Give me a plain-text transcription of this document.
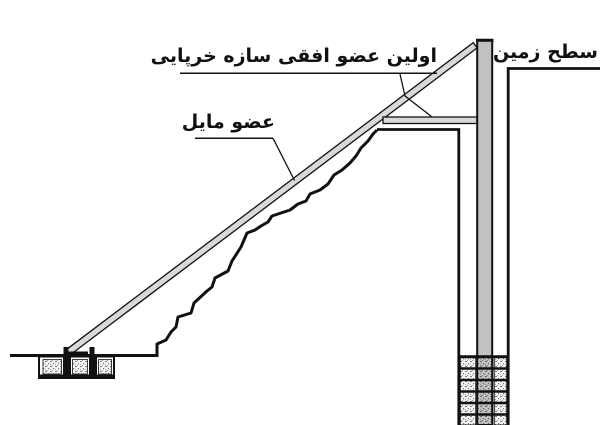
اولین عضو افقی سازه خرپایی
عضو مایل
سطح زمین
